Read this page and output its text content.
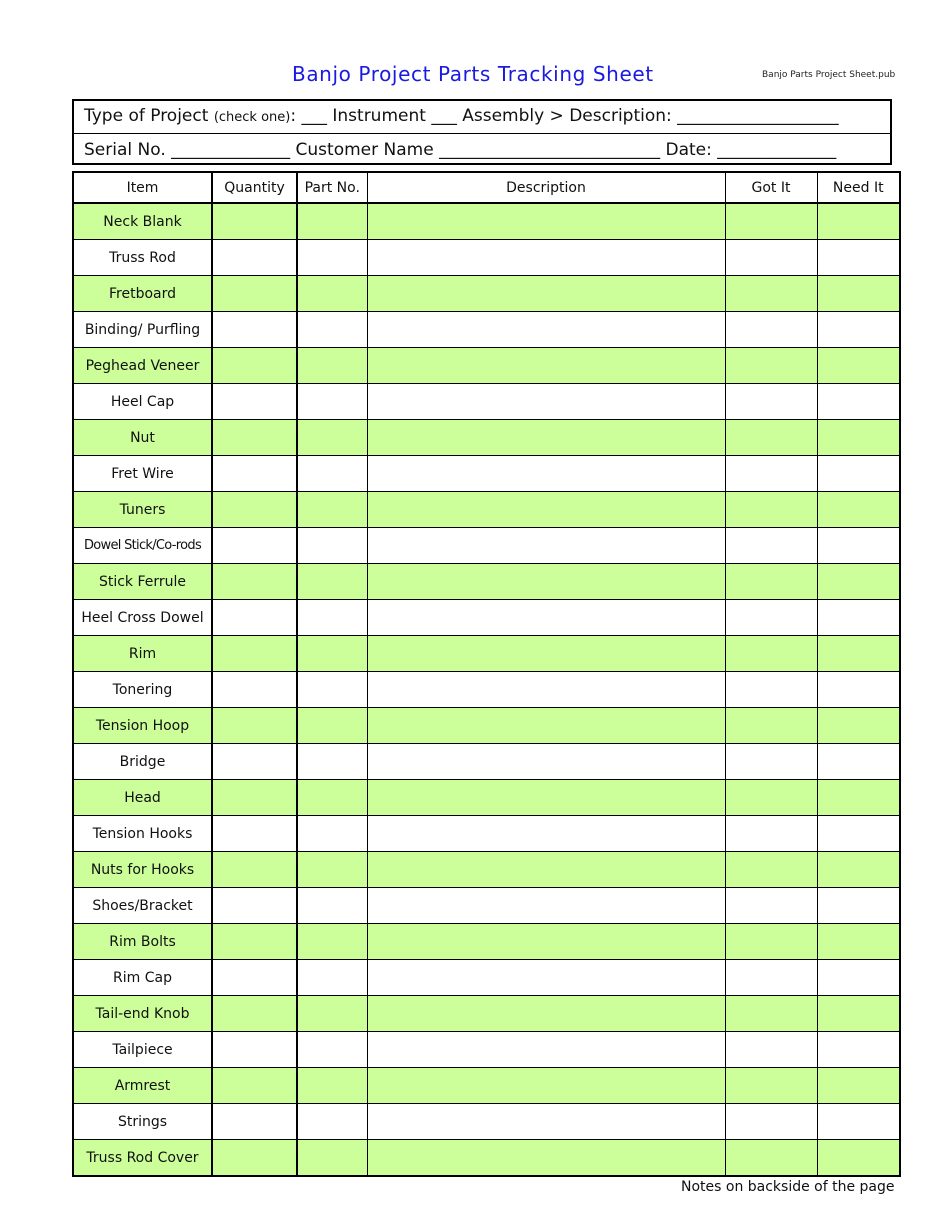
Banjo Project Parts Tracking Sheet	Banjo Parts Project Sheet.pub
Type of Project (check one): ___ Instrument ___ Assembly > Description: ___________________
Serial No. ______________ Customer Name __________________________ Date: ______________
Item	Quantity	Part No.	Description	Got It	Need It
Neck Blank					
Truss Rod					
Fretboard					
Binding/ Purfling					
Peghead Veneer					
Heel Cap					
Nut					
Fret Wire					
Tuners					
Dowel Stick/Co-rods					
Stick Ferrule					
Heel Cross Dowel					
Rim					
Tonering					
Tension Hoop					
Bridge					
Head					
Tension Hooks					
Nuts for Hooks					
Shoes/Bracket					
Rim Bolts					
Rim Cap					
Tail-end Knob					
Tailpiece					
Armrest					
Strings					
Truss Rod Cover					
Notes on backside of the page
